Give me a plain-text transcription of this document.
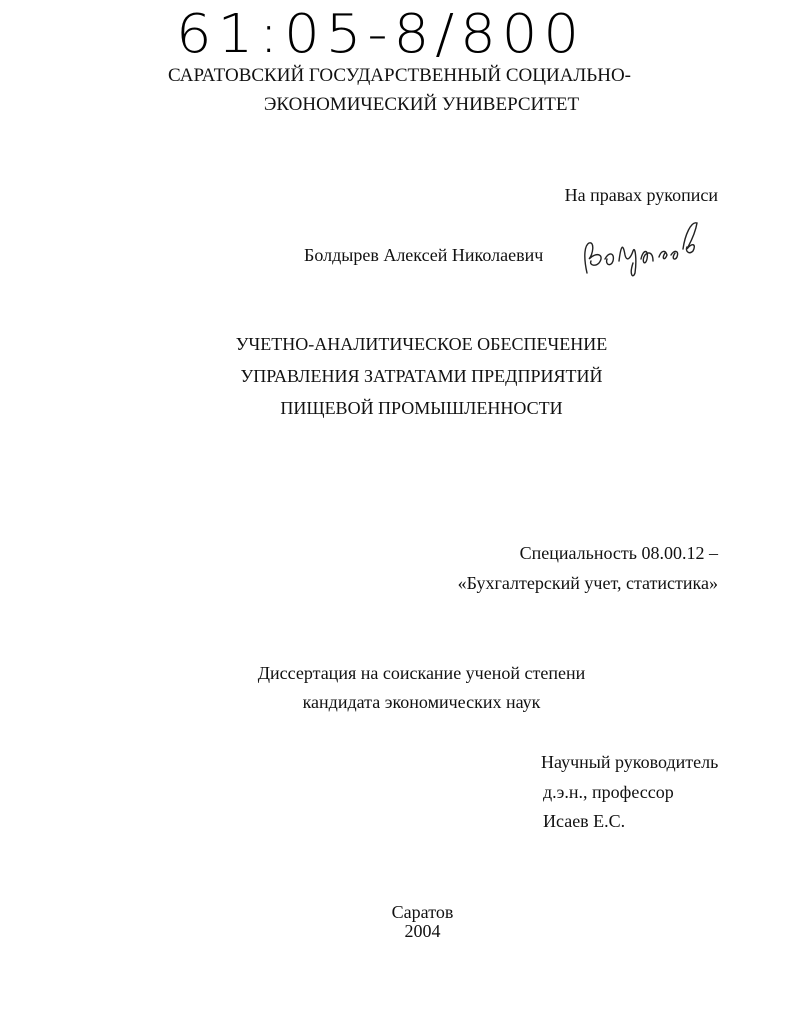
61:05-8/800
САРАТОВСКИЙ ГОСУДАРСТВЕННЫЙ СОЦИАЛЬНО-
ЭКОНОМИЧЕСКИЙ УНИВЕРСИТЕТ
На правах рукописи
Болдырев Алексей Николаевич
УЧЕТНО-АНАЛИТИЧЕСКОЕ ОБЕСПЕЧЕНИЕ
УПРАВЛЕНИЯ ЗАТРАТАМИ ПРЕДПРИЯТИЙ
ПИЩЕВОЙ ПРОМЫШЛЕННОСТИ
Специальность 08.00.12 –
«Бухгалтерский учет, статистика»
Диссертация на соискание ученой степени
кандидата экономических наук
Научный руководитель
д.э.н., профессор
Исаев Е.С.
Саратов
2004
